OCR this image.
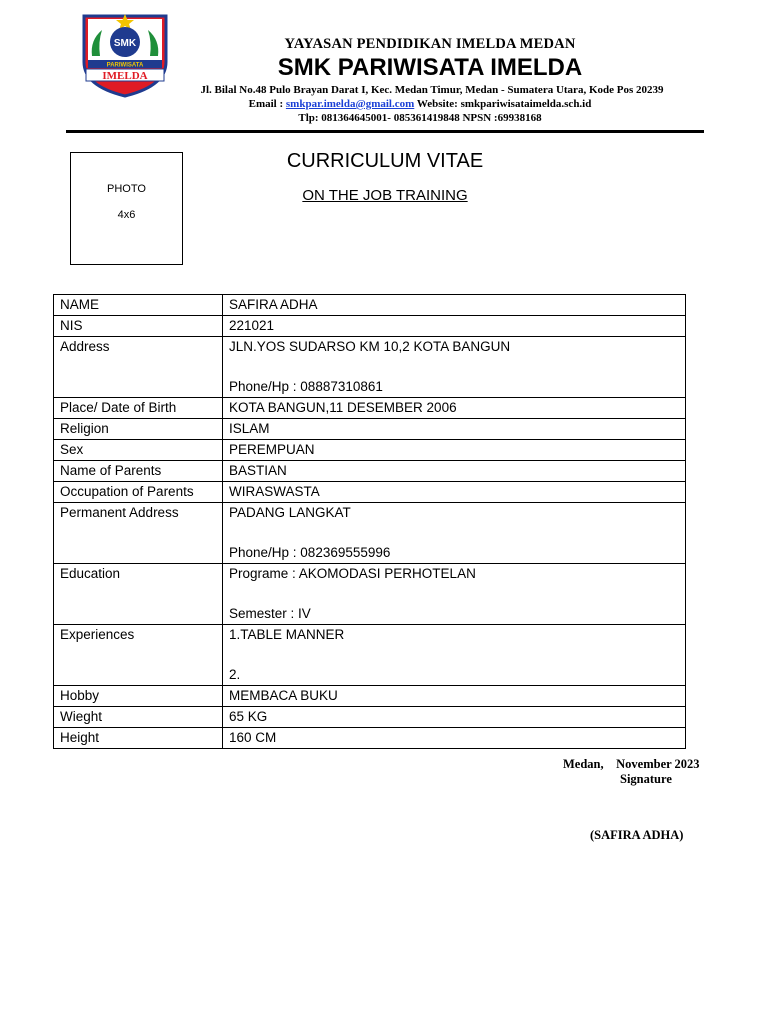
SMK
PARIWISATA
IMELDA
YAYASAN PENDIDIKAN IMELDA MEDAN
SMK PARIWISATA IMELDA
Jl. Bilal No.48 Pulo Brayan Darat I, Kec. Medan Timur, Medan - Sumatera Utara, Kode Pos 20239
Email : smkpar.imelda@gmail.com Website: smkpariwisataimelda.sch.id
Tlp: 081364645001- 085361419848 NPSN :69938168
PHOTO
4x6
CURRICULUM VITAE
ON THE JOB TRAINING
NAME	SAFIRA ADHA

NIS	221021

Address	JLN.YOS SUDARSO KM 10,2 KOTA BANGUN
Phone/Hp : 08887310861

Place/ Date of Birth	KOTA BANGUN,11 DESEMBER 2006

Religion	ISLAM

Sex	PEREMPUAN

Name of Parents	BASTIAN

Occupation of Parents	WIRASWASTA

Permanent Address	PADANG LANGKAT
Phone/Hp : 082369555996

Education	Programe : AKOMODASI PERHOTELAN
Semester : IV

Experiences	1.TABLE MANNER
2.

Hobby	MEMBACA BUKU

Wieght	65 KG

Height	160 CM
Medan,    November 2023
Signature
(SAFIRA ADHA)
